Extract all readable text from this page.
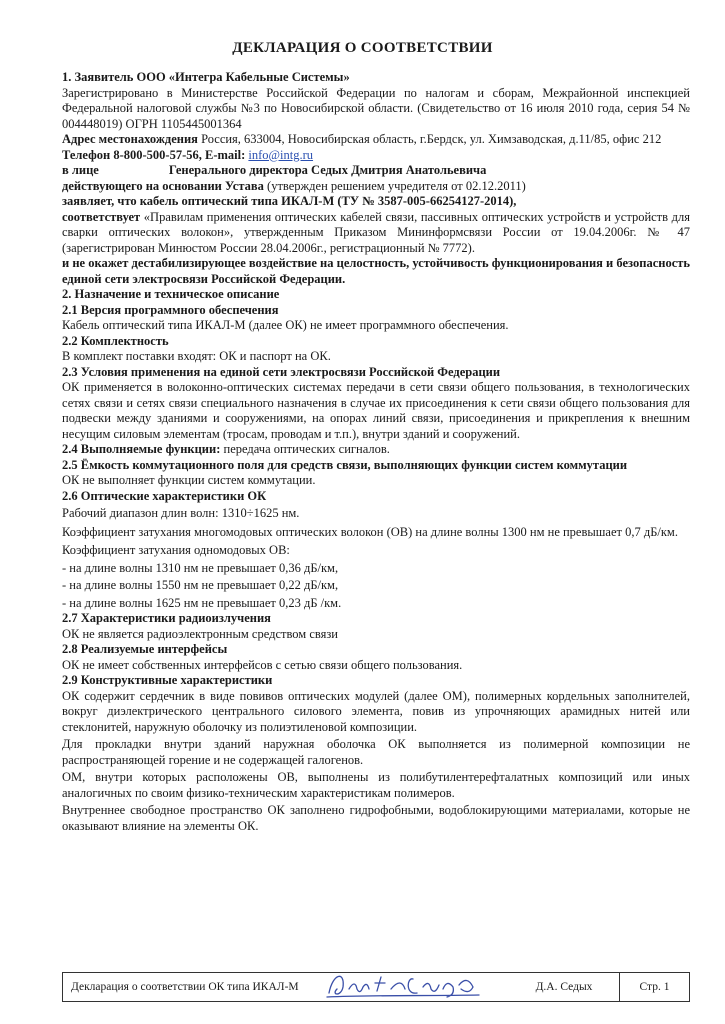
ДЕКЛАРАЦИЯ О СООТВЕТСТВИИ

1. Заявитель ООО «Интегра Кабельные Системы»

Зарегистрировано в Министерстве Российской Федерации по налогам и сборам, Межрайонной инспекцией Федеральной налоговой службы №3 по Новосибирской области. (Свидетельство от 16 июля 2010 года, серия 54 № 004448019) ОГРН 1105445001364

Адрес местонахождения Россия, 633004, Новосибирская область, г.Бердск, ул. Химзаводская, д.11/85, офис 212

Телефон 8-800-500-57-56, E-mail: info@intg.ru

в лице	Генерального директора Седых Дмитрия Анатольевича

действующего на основании Устава (утвержден решением учредителя от 02.12.2011)

заявляет, что кабель оптический типа ИКАЛ-М (ТУ № 3587-005-66254127-2014),

соответствует «Правилам применения оптических кабелей связи, пассивных оптических устройств и устройств для сварки оптических волокон», утвержденным Приказом Мининформсвязи России от 19.04.2006г. № 47 (зарегистрирован Минюстом России 28.04.2006г., регистрационный № 7772).

и не окажет дестабилизирующее воздействие на целостность, устойчивость функционирования и безопасность единой сети электросвязи Российской Федерации.

2. Назначение и техническое описание

2.1 Версия программного обеспечения

Кабель оптический типа ИКАЛ-М (далее ОК) не имеет программного обеспечения.

2.2 Комплектность

В комплект поставки входят: ОК и паспорт на ОК.

2.3 Условия применения на единой сети электросвязи Российской Федерации

ОК применяется в волоконно-оптических системах передачи в сети связи общего пользования, в технологических сетях связи и сетях связи специального назначения в случае их присоединения к сети связи общего пользования для подвески между зданиями и сооружениями, на опорах линий связи, присоединения и прикрепления к внешним несущим силовым элементам (тросам, проводам и т.п.), внутри зданий и сооружений.

2.4 Выполняемые функции: передача оптических сигналов.

2.5 Ёмкость коммутационного поля для средств связи, выполняющих функции систем коммутации

ОК не выполняет функции систем коммутации.

2.6 Оптические характеристики ОК

Рабочий диапазон длин волн: 1310÷1625 нм.

Коэффициент затухания многомодовых оптических волокон (ОВ) на длине волны 1300 нм не превышает 0,7 дБ/км.

Коэффициент затухания одномодовых ОВ:

- на длине волны 1310 нм не превышает 0,36 дБ/км,

- на длине волны 1550 нм не превышает 0,22 дБ/км,

- на длине волны 1625 нм не превышает 0,23 дБ /км.

2.7 Характеристики радиоизлучения

ОК не является радиоэлектронным средством связи

2.8 Реализуемые интерфейсы

ОК не имеет собственных интерфейсов с сетью связи общего пользования.

2.9 Конструктивные характеристики

ОК содержит сердечник в виде повивов оптических модулей (далее ОМ), полимерных кордельных заполнителей, вокруг диэлектрического центрального силового элемента, повив из упрочняющих арамидных нитей или стеклонитей, наружную оболочку из полиэтиленовой композиции.

Для прокладки внутри зданий наружная оболочка ОК выполняется из полимерной композиции не распространяющей горение и не содержащей галогенов.

ОМ, внутри которых расположены ОВ, выполнены из полибутилентерефталатных композиций или иных аналогичных по своим физико-техническим характеристикам полимеров.

Внутреннее свободное пространство ОК заполнено гидрофобными, водоблокирующими материалами, которые не оказывают влияние на элементы ОК.

Декларация о соответствии ОК типа ИКАЛ-М	Д.А. Седых	Стр. 1
